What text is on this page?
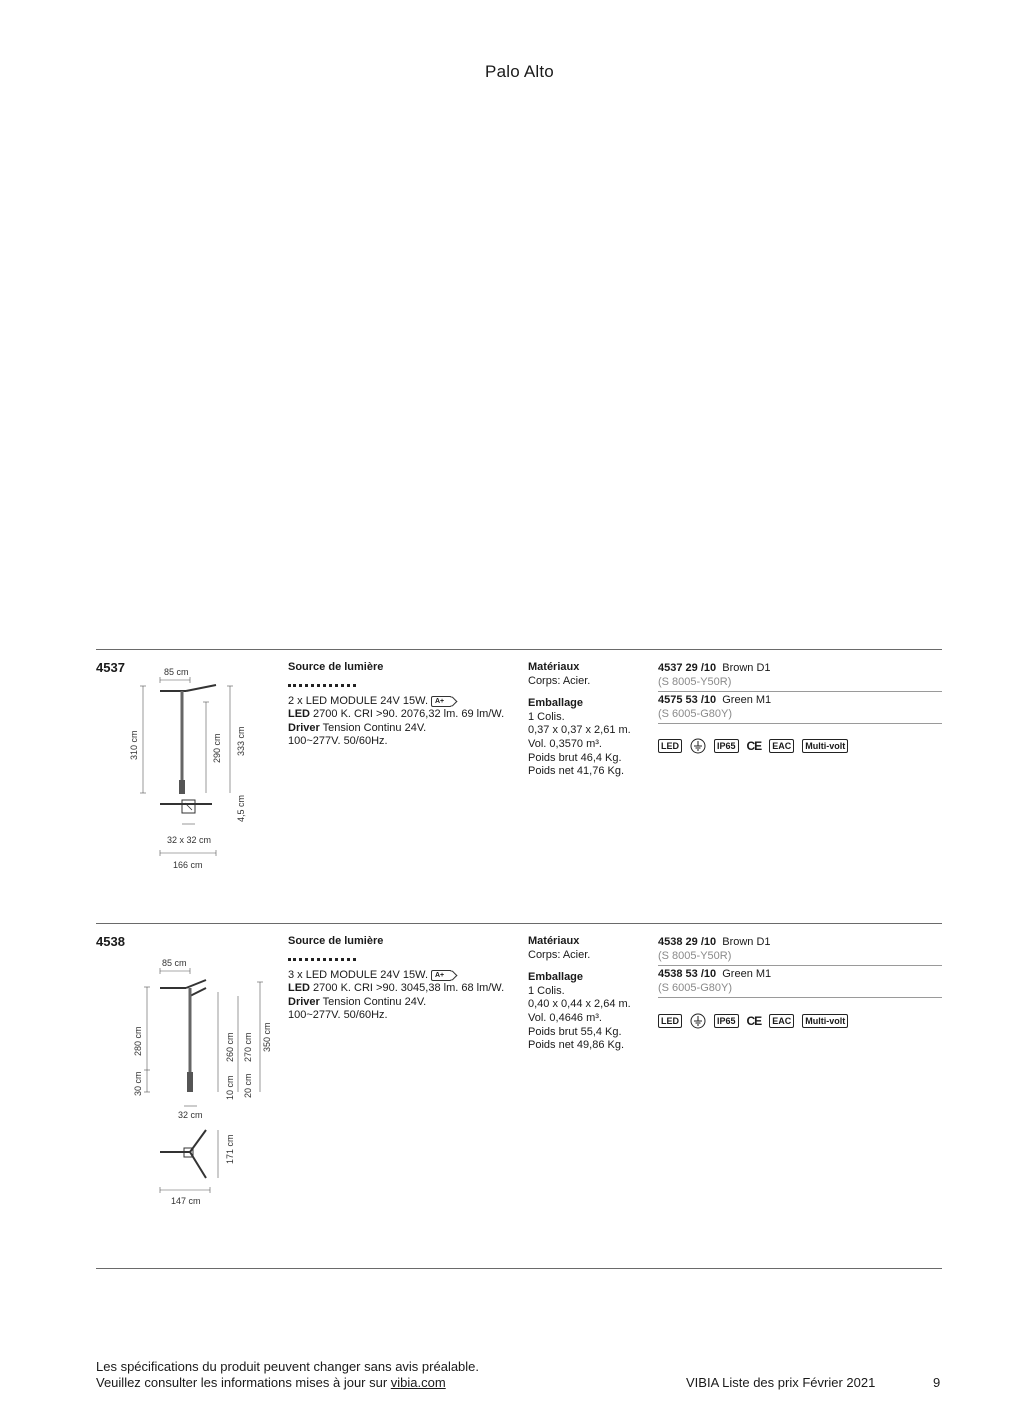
Palo Alto
4537	85 cm
310 cm	290 cm 333 cm
4,5 cm
32 x 32 cm
166 cm
Source de lumière
2 x LED MODULE 24V 15W. A+
LED 2700 K. CRI >90. 2076,32 lm. 69 lm/W.
Driver Tension Continu 24V.
100~277V. 50/60Hz.
Matériaux
Corps: Acier.
Emballage
1 Colis.
0,37 x 0,37 x 2,61 m.
Vol. 0,3570 m³.
Poids brut 46,4 Kg.
Poids net 41,76 Kg.
4537 29 /10 Brown D1
(S 8005-Y50R)
4575 53 /10 Green M1
(S 6005-G80Y)
LED	IP65 CE	EAC	Multi-volt
4538
85 cm
280 cm
30 cm
260 cm
10 cm
270 cm
20 cm
350 cm
32 cm
171 cm
147 cm
Source de lumière
3 x LED MODULE 24V 15W. A+
LED 2700 K. CRI >90. 3045,38 lm. 68 lm/W.
Driver Tension Continu 24V.
100~277V. 50/60Hz.
Matériaux
Corps: Acier.
Emballage
1 Colis.
0,40 x 0,44 x 2,64 m.
Vol. 0,4646 m³.
Poids brut 55,4 Kg.
Poids net 49,86 Kg.
4538 29 /10 Brown D1
(S 8005-Y50R)
4538 53 /10 Green M1
(S 6005-G80Y)
LED	IP65 CE	EAC	Multi-volt
Les spécifications du produit peuvent changer sans avis préalable.
Veuillez consulter les informations mises à jour sur vibia.com	VIBIA Liste des prix Février 2021	9
